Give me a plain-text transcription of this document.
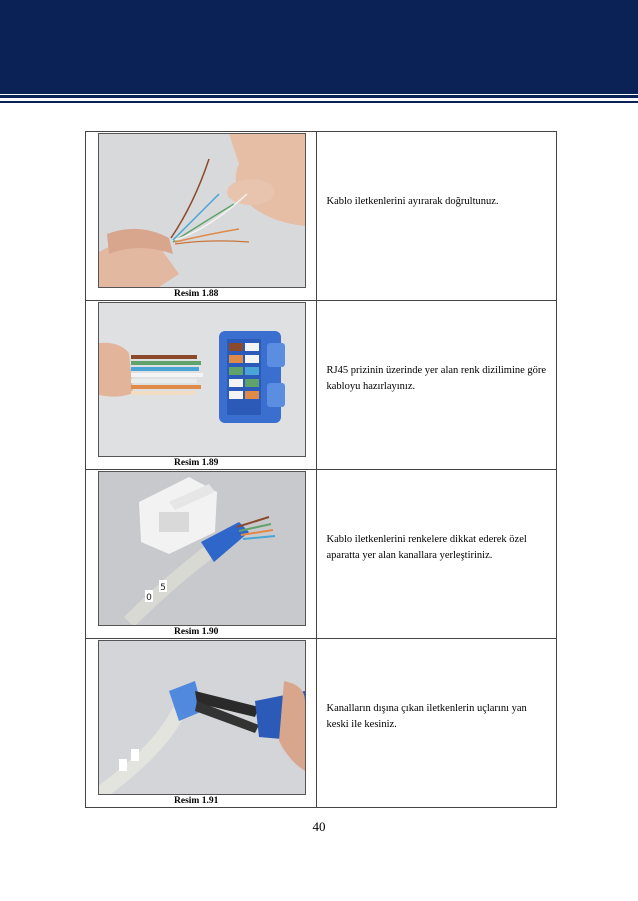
Resim 1.88	Kablo iletkenlerini ayırarak doğrultunuz.

Resim 1.89	RJ45 prizinin üzerinde yer alan renk dizilimine göre kabloyu hazırlayınız.

0
5
Resim 1.90	Kablo iletkenlerini renkelere dikkat ederek özel aparatta yer alan kanallara yerleştiriniz.

Resim 1.91	Kanalların dışına çıkan iletkenlerin uçlarını yan keski ile kesiniz.
40
